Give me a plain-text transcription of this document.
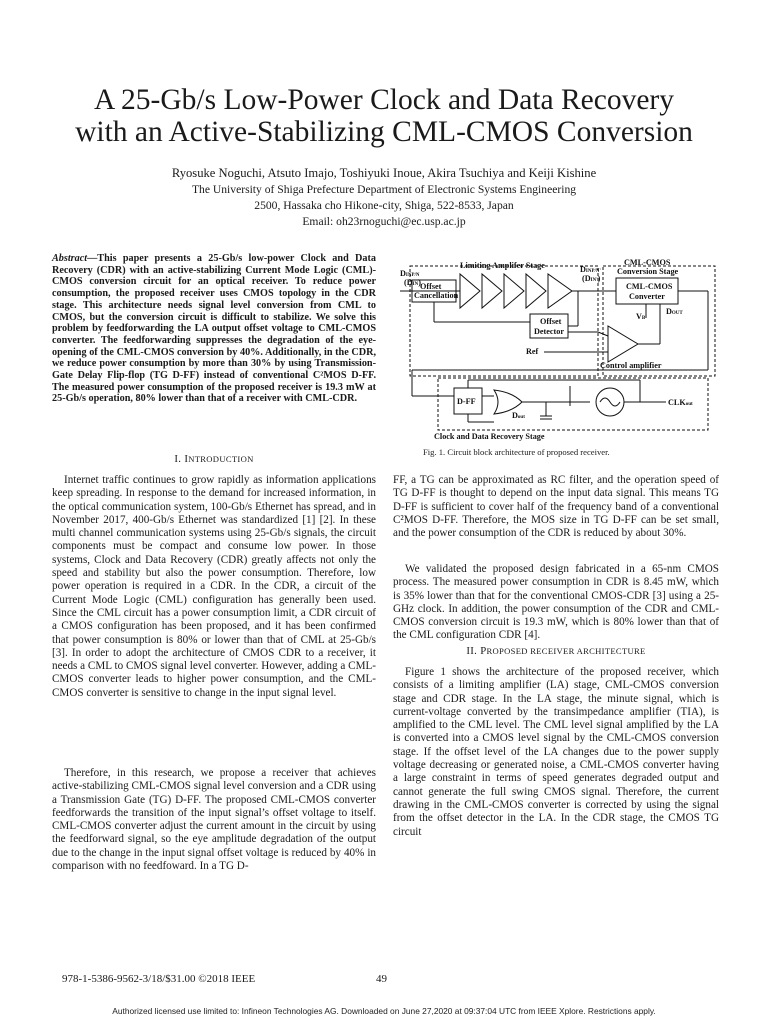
A 25-Gb/s Low-Power Clock and Data Recovery
with an Active-Stabilizing CML-CMOS Conversion
Ryosuke Noguchi, Atsuto Imajo, Toshiyuki Inoue, Akira Tsuchiya and Keiji Kishine
The University of Shiga Prefecture Department of Electronic Systems Engineering
2500, Hassaka cho Hikone-city, Shiga, 522-8533, Japan
Email: oh23rnoguchi@ec.usp.ac.jp
Abstract—This paper presents a 25-Gb/s low-power Clock and Data Recovery (CDR) with an active-stabilizing Current Mode Logic (CML)-CMOS conversion circuit for an optical receiver. To reduce power consumption, the proposed receiver uses CMOS topology in the CDR stage. This architecture needs signal level conversion from CML to CMOS, but the conversion circuit is difficult to stabilize. We solve this problem by feedforwarding the LA output offset voltage to CML-CMOS converter. The feedforwarding suppresses the degradation of the eye-opening of the CML-CMOS conversion by 40%. Additionally, in the CDR, we reduce power consumption by more than 30% by using Transmission-Gate Delay Flip-flop (TG D-FF) instead of conventional C²MOS D-FF. The measured power consumption of the proposed receiver is 19.3 mW at 25-Gb/s operation, 80% lower than that of a receiver with CML-CDR.
I. INTRODUCTION

Internet traffic continues to grow rapidly as information applications keep spreading. In response to the demand for increased information, in the optical communication system, 100-Gb/s Ethernet has spread, and in November 2017, 400-Gb/s Ethernet was standardized [1] [2]. In these multi channel communication systems using 25-Gb/s signals, the circuit components must be compact and consume low power. In those systems, Clock and Data Recovery (CDR) greatly affects not only the speed and stability but also the power consumption. Therefore, low power operation is required in a CDR. In the CDR, a circuit of the Current Mode Logic (CML) configuration has generally been used. Since the CML circuit has a power consumption limit, a CDR circuit of a CMOS configuration has been proposed, and it has been confirmed that power consumption is 80% or lower than that of CML at 25-Gb/s [3]. In order to adopt the architecture of CMOS CDR to a receiver, it needs a CML to CMOS signal level converter. However, adding a CML-CMOS converter leads to higher power consumption, and the CML-CMOS converter is sensitive to change in the input signal level.

Therefore, in this research, we propose a receiver that achieves active-stabilizing CML-CMOS signal level conversion and a CDR using a Transmission Gate (TG) D-FF. The proposed CML-CMOS converter feedforwards the transition of the input signal’s offset voltage to itself. CML-CMOS converter adjust the current amount in the circuit by using the feedforward signal, so the eye amplitude degradation of the output due to the change in the input signal offset voltage is reduced by 40% in comparison with no feedfoward. In a TG D-

Limiting Amplifer Stage	CML-CMOS
Conversion Stage
CML-CMOS
Converter
DINP/N
(DIN)
DINP/N'
(DIN')
Offset
Cancellation
Offset
Detector
Ref
VB
DOUT
Control amplifier
D-FF
Dout
CLKout
Clock and Data Recovery Stage
Fig. 1. Circuit block architecture of proposed receiver.

FF, a TG can be approximated as RC filter, and the operation speed of TG D-FF is thought to depend on the input data signal. This means TG D-FF is sufficient to cover half of the frequency band of a conventional C²MOS D-FF. Therefore, the MOS size in TG D-FF can be set small, and the power consumption of the CDR is reduced by about 30%.

We validated the proposed design fabricated in a 65-nm CMOS process. The measured power consumption in CDR is 8.45 mW, which is 35% lower than that for the conventional CMOS-CDR [3] using a 25-GHz clock. In addition, the power consumption of the CDR and CML-CMOS conversion circuit is 19.3 mW, which is 80% lower than that of the CML configuration CDR [4].

II. PROPOSED RECEIVER ARCHITECTURE

Figure 1 shows the architecture of the proposed receiver, which consists of a limiting amplifier (LA) stage, CML-CMOS conversion stage and CDR stage. In the LA stage, the minute signal, which is current-voltage converted by the transimpedance amplifier (TIA), is amplified to the CML level. The CML level signal amplified by the LA is converted into a CMOS level signal by the CML-CMOS conversion stage. If the offset level of the LA changes due to the power supply voltage decreasing or generated noise, a CML-CMOS converter having a large constraint in terms of speed generates degraded output and cannot generate the full swing CMOS signal. Therefore, the current drawing in the CML-CMOS converter is corrected by using the signal from the offset detector in the LA. In the CDR stage, the CMOS TG circuit

978-1-5386-9562-3/18/$31.00 ©2018 IEEE	49
Authorized licensed use limited to: Infineon Technologies AG. Downloaded on June 27,2020 at 09:37:04 UTC from IEEE Xplore. Restrictions apply.
